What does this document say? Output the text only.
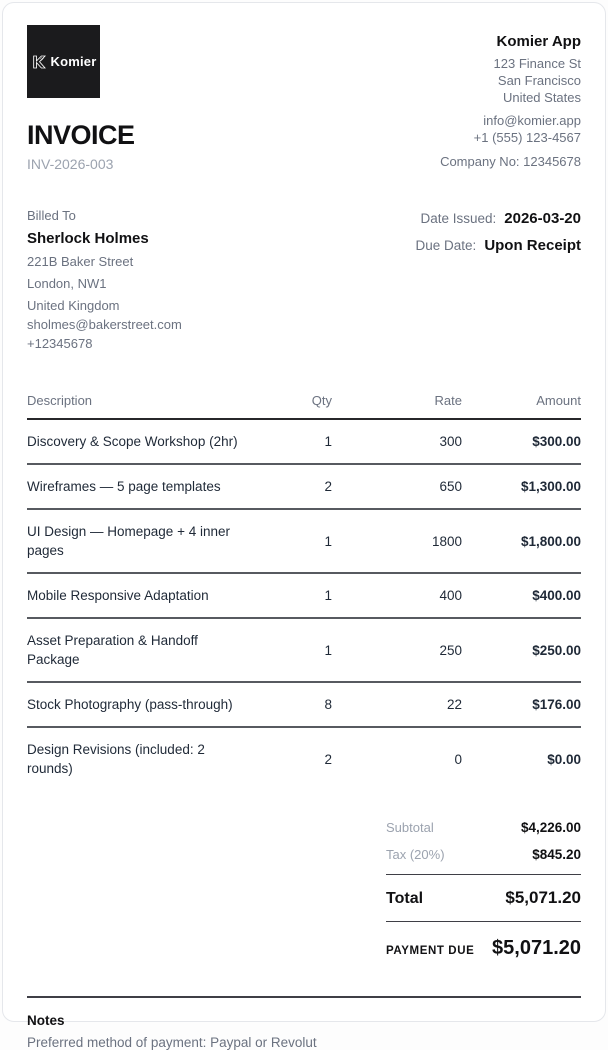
Komier
INVOICE
INV-2026-003
Komier App
123 Finance St
San Francisco
United States
info@komier.app
+1 (555) 123-4567
Company No: 12345678
Billed To
Sherlock Holmes
221B Baker Street
London, NW1
United Kingdom
sholmes@bakerstreet.com
+12345678
Date Issued: 2026-03-20
Due Date: Upon Receipt
Description	Qty	Rate	Amount
Discovery & Scope Workshop (2hr)	1	300	$300.00
Wireframes — 5 page templates	2	650	$1,300.00
UI Design — Homepage + 4 inner pages	1	1800	$1,800.00
Mobile Responsive Adaptation	1	400	$400.00
Asset Preparation & Handoff Package	1	250	$250.00
Stock Photography (pass-through)	8	22	$176.00
Design Revisions (included: 2 rounds)	2	0	$0.00
Subtotal	$4,226.00
Tax (20%)	$845.20
Total	$5,071.20
PAYMENT DUE $5,071.20
Notes
Preferred method of payment: Paypal or Revolut
